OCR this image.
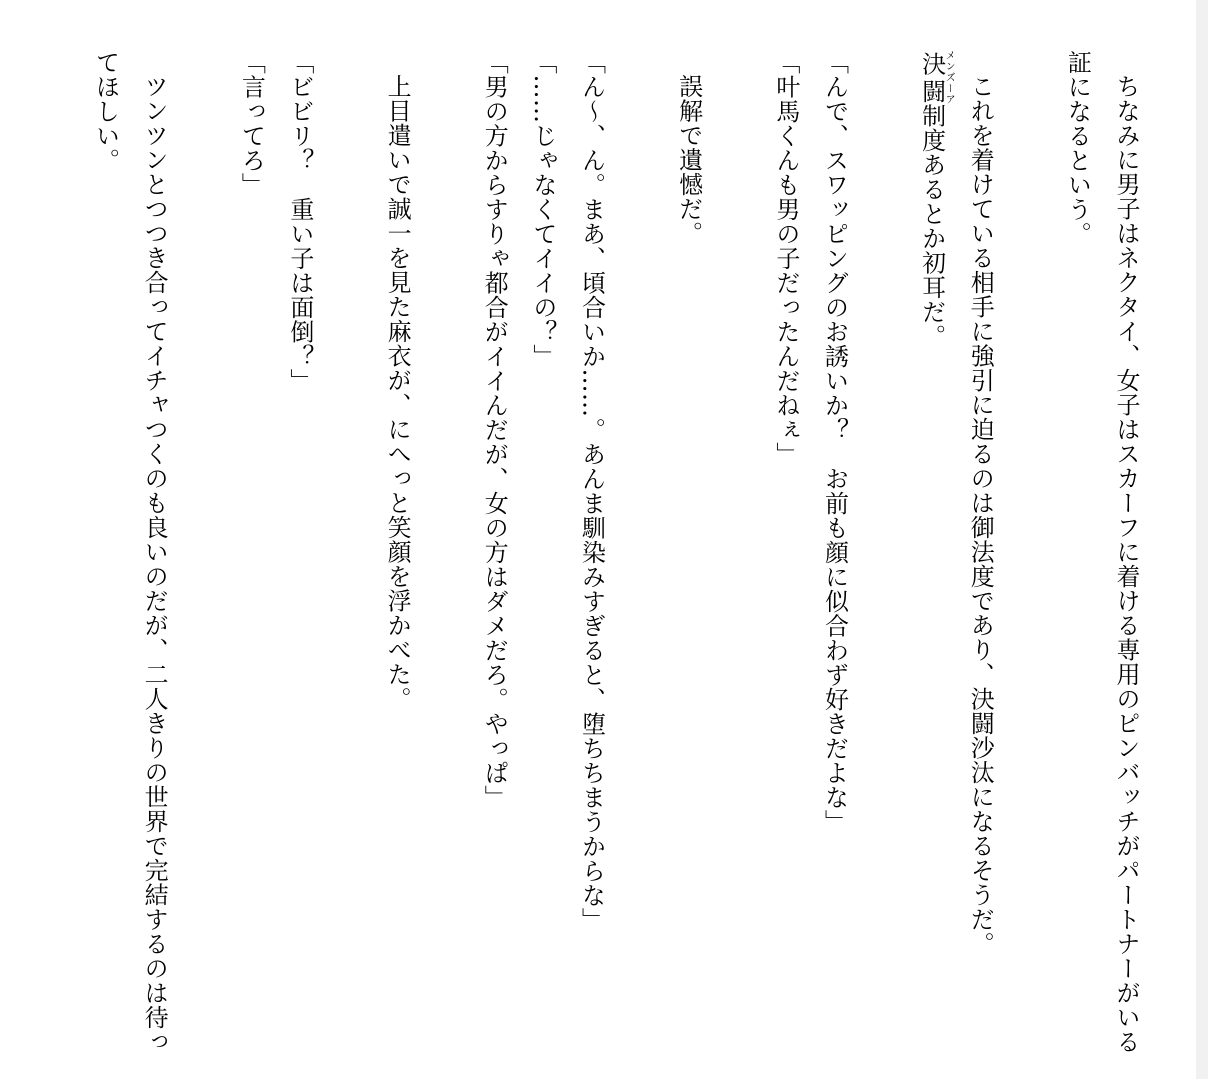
ちなみに男子はネクタイ、女子はスカーフに着ける専用のピンバッチがパートナーがいる証になるという。

これを着けている相手に強引に迫るのは御法度であり、決闘沙汰になるそうだ。

決闘メンズーア制度あるとか初耳だ。

「んで、スワッピングのお誘いか？　お前も顔に似合わず好きだよな」

「叶馬くんも男の子だったんだねぇ」

誤解で遺憾だ。

「ん～、ん。まあ、頃合いか……。あんま馴染みすぎると、堕ちちまうからな」

「……じゃなくてイイの？」

「男の方からすりゃ都合がイイんだが、女の方はダメだろ。やっぱ」

上目遣いで誠一を見た麻衣が、にへっと笑顔を浮かべた。

「ビビリ？　重い子は面倒？」

「言ってろ」

ツンツンとつつき合ってイチャつくのも良いのだが、二人きりの世界で完結するのは待ってほしい。
